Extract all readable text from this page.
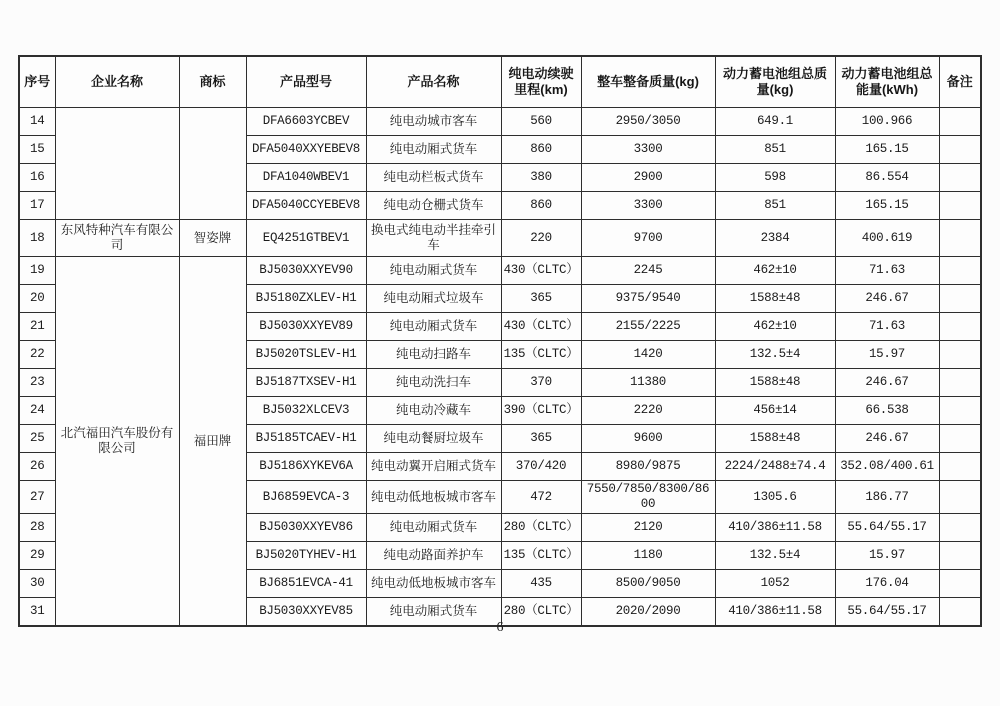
序号	企业名称	商标	产品型号	产品名称	纯电动续驶里程(km)	整车整备质量(kg)	动力蓄电池组总质量(kg)	动力蓄电池组总能量(kWh)	备注
14			DFA6603YCBEV	纯电动城市客车	560	2950/3050	649.1	100.966	
15			DFA5040XXYEBEV8	纯电动厢式货车	860	3300	851	165.15	
16			DFA1040WBEV1	纯电动栏板式货车	380	2900	598	86.554	
17			DFA5040CCYEBEV8	纯电动仓栅式货车	860	3300	851	165.15	
18	东风特种汽车有限公司	智姿牌	EQ4251GTBEV1	换电式纯电动半挂牵引车	220	9700	2384	400.619	
19	北汽福田汽车股份有限公司	福田牌	BJ5030XXYEV90	纯电动厢式货车	430（CLTC）	2245	462±10	71.63	
20			BJ5180ZXLEV-H1	纯电动厢式垃圾车	365	9375/9540	1588±48	246.67	
21			BJ5030XXYEV89	纯电动厢式货车	430（CLTC）	2155/2225	462±10	71.63	
22			BJ5020TSLEV-H1	纯电动扫路车	135（CLTC）	1420	132.5±4	15.97	
23			BJ5187TXSEV-H1	纯电动洗扫车	370	11380	1588±48	246.67	
24			BJ5032XLCEV3	纯电动冷藏车	390（CLTC）	2220	456±14	66.538	
25			BJ5185TCAEV-H1	纯电动餐厨垃圾车	365	9600	1588±48	246.67	
26			BJ5186XYKEV6A	纯电动翼开启厢式货车	370/420	8980/9875	2224/2488±74.4	352.08/400.61	
27			BJ6859EVCA-3	纯电动低地板城市客车	472	7550/7850/8300/8600	1305.6	186.77	
28			BJ5030XXYEV86	纯电动厢式货车	280（CLTC）	2120	410/386±11.58	55.64/55.17	
29			BJ5020TYHEV-H1	纯电动路面养护车	135（CLTC）	1180	132.5±4	15.97	
30			BJ6851EVCA-41	纯电动低地板城市客车	435	8500/9050	1052	176.04	
31			BJ5030XXYEV85	纯电动厢式货车	280（CLTC）	2020/2090	410/386±11.58	55.64/55.17	
6
